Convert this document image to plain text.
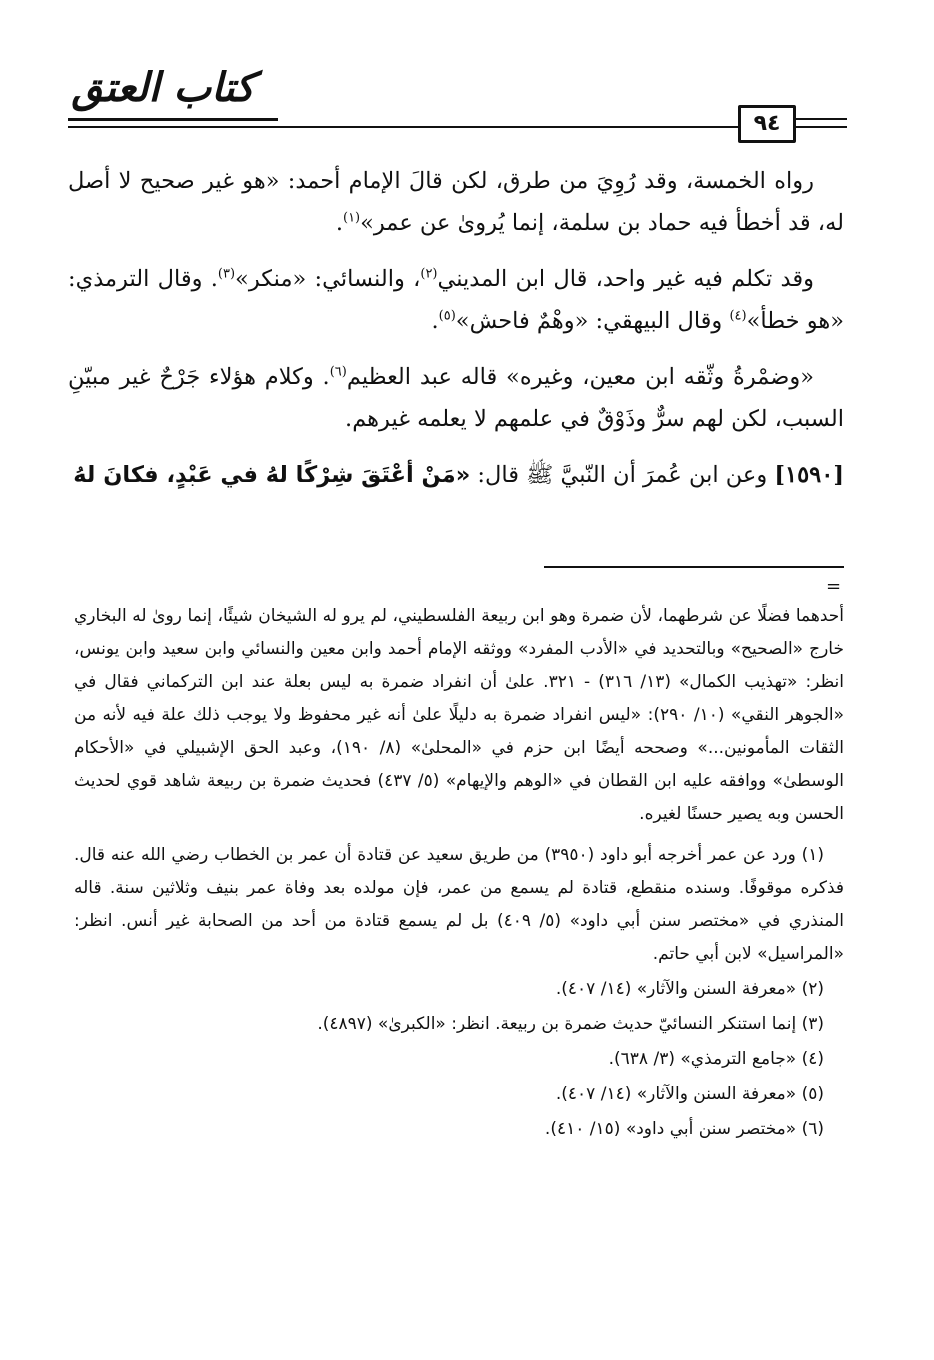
كتاب العتق
٩٤

رواه الخمسة، وقد رُوِيَ من طرق، لكن قالَ الإمام أحمد: «هو غير صحيح لا أصل له، قد أخطأ فيه حماد بن سلمة، إنما يُروىٰ عن عمر»$^{(١)}$.

وقد تكلم فيه غير واحد، قال ابن المديني$^{(٢)}$، والنسائي: «منكر»$^{(٣)}$. وقال الترمذي: «هو خطأ»$^{(٤)}$ وقال البيهقي: «وهْمٌ فاحش»$^{(٥)}$.

«وضمْرةُ وثّقه ابن معين، وغيره» قاله عبد العظيم$^{(٦)}$. وكلام هؤلاء جَرْحٌ غير مبيّنِ السبب، لكن لهم سرٌّ وذَوْقٌ في علمهم لا يعلمه غيرهم.

[١٥٩٠] وعن ابن عُمرَ أن النّبيَّ ﷺ قال: «مَنْ أعْتَقَ شِرْكًا لهُ في عَبْدٍ، فكانَ لهُ

=

أحدهما فضلًا عن شرطهما، لأن ضمرة وهو ابن ربيعة الفلسطيني، لم يرو له الشيخان شيئًا، إنما روىٰ له البخاري خارج «الصحيح» وبالتحديد في «الأدب المفرد» ووثقه الإمام أحمد وابن معين والنسائي وابن سعيد وابن يونس، انظر: «تهذيب الكمال» (١٣/ ٣١٦) - ٣٢١. علىٰ أن انفراد ضمرة به ليس بعلة عند ابن التركماني فقال في «الجوهر النقي» (١٠/ ٢٩٠): «ليس انفراد ضمرة به دليلًا علىٰ أنه غير محفوظ ولا يوجب ذلك علة فيه لأنه من الثقات المأمونين...» وصححه أيضًا ابن حزم في «المحلىٰ» (٨/ ١٩٠)، وعبد الحق الإشبيلي في «الأحكام الوسطىٰ» ووافقه عليه ابن القطان في «الوهم والإيهام» (٥/ ٤٣٧) فحديث ضمرة بن ربيعة شاهد قوي لحديث الحسن وبه يصير حسنًا لغيره.

(١) ورد عن عمر أخرجه أبو داود (٣٩٥٠) من طريق سعيد عن قتادة أن عمر بن الخطاب رضي الله عنه قال. فذكره موقوفًا. وسنده منقطع، قتادة لم يسمع من عمر، فإن مولده بعد وفاة عمر بنيف وثلاثين سنة. قاله المنذري في «مختصر سنن أبي داود» (٥/ ٤٠٩) بل لم يسمع قتادة من أحد من الصحابة غير أنس. انظر: «المراسيل» لابن أبي حاتم.

(٢) «معرفة السنن والآثار» (١٤/ ٤٠٧).

(٣) إنما استنكر النسائيّ حديث ضمرة بن ربيعة. انظر: «الكبرىٰ» (٤٨٩٧).

(٤) «جامع الترمذي» (٣/ ٦٣٨).

(٥) «معرفة السنن والآثار» (١٤/ ٤٠٧).

(٦) «مختصر سنن أبي داود» (١٥/ ٤١٠).
